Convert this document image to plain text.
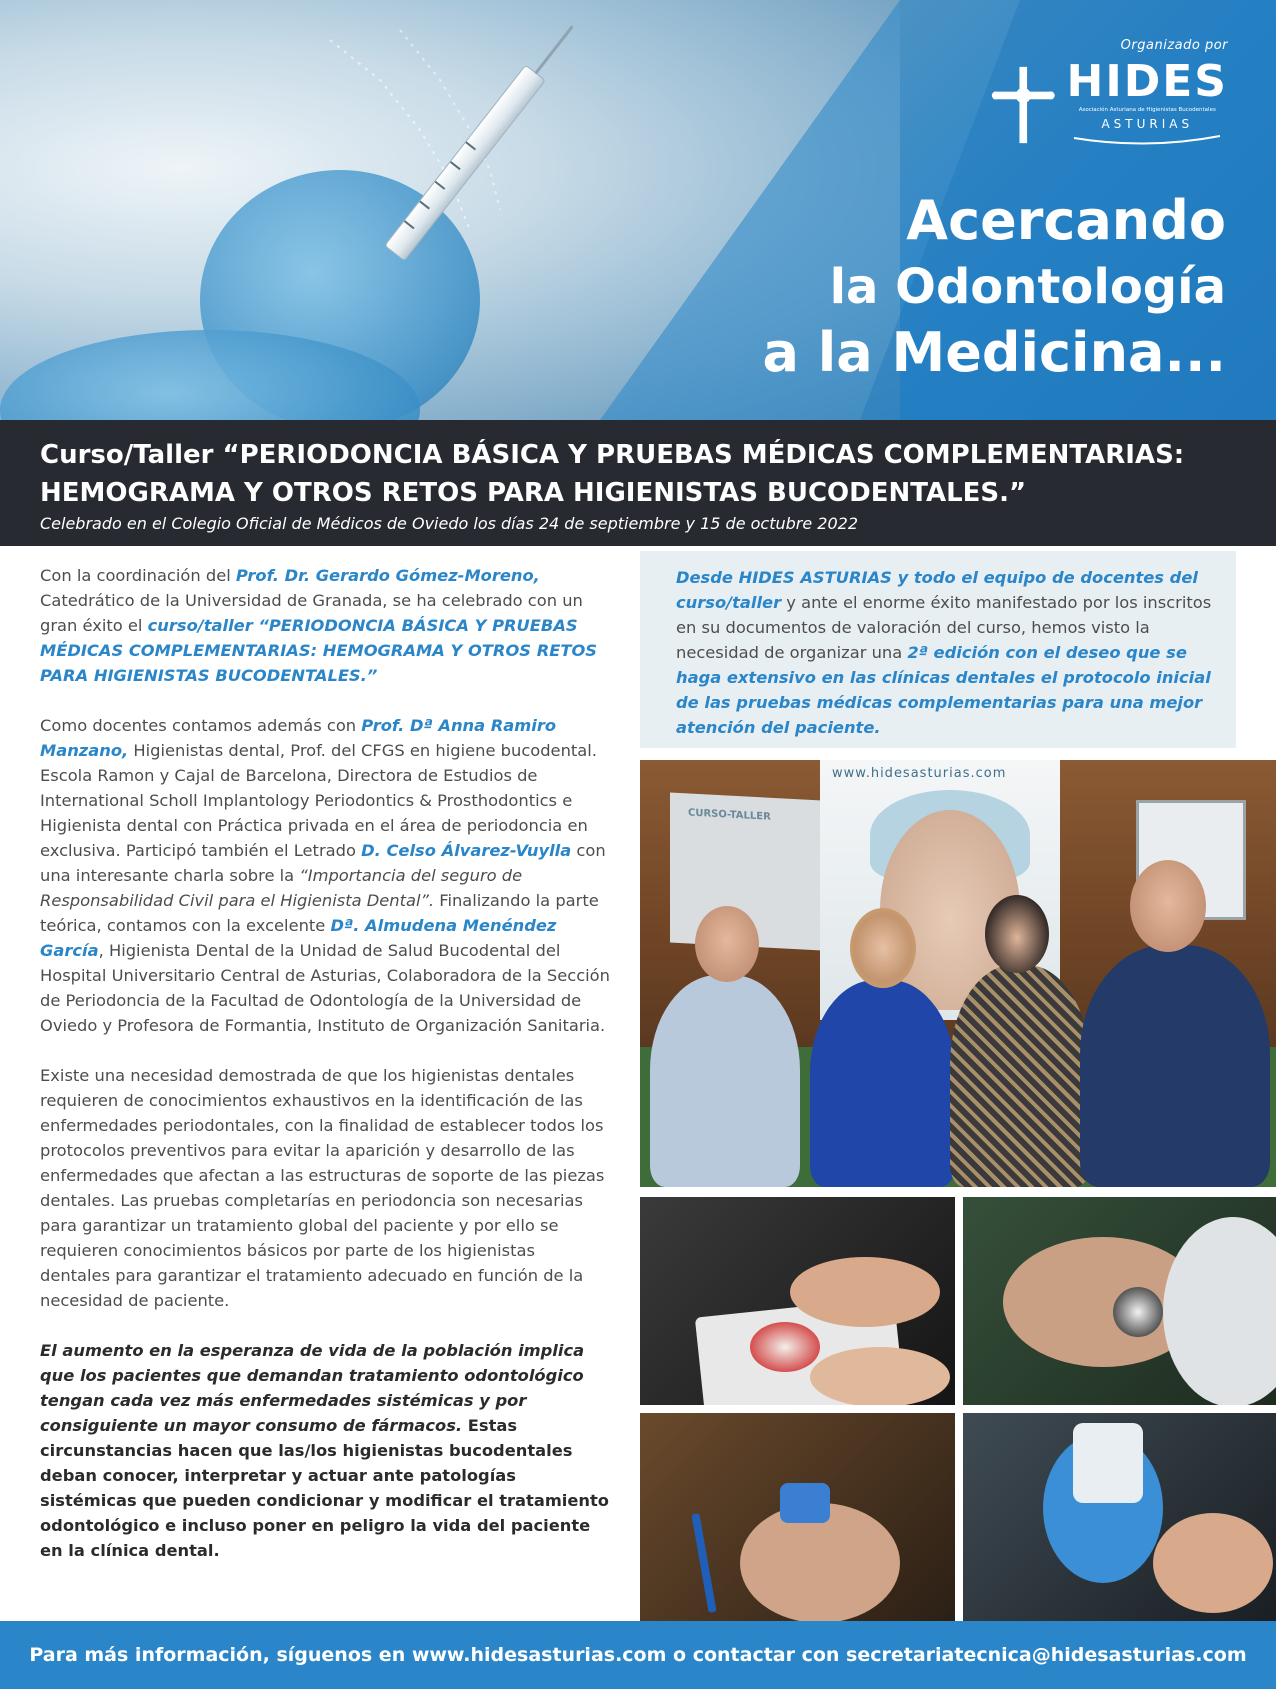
Organizado por
HIDES
Asociación Asturiana de Higienistas Bucodentales
ASTURIAS
Acercando
la Odontología
a la Medicina...
Curso/Taller “PERIODONCIA BÁSICA Y PRUEBAS MÉDICAS COMPLEMENTARIAS:
HEMOGRAMA Y OTROS RETOS PARA HIGIENISTAS BUCODENTALES.”
Celebrado en el Colegio Oficial de Médicos de Oviedo los días 24 de septiembre y 15 de octubre 2022

Con la coordinación del Prof. Dr. Gerardo Gómez-Moreno, Catedrático de la Universidad de Granada, se ha celebrado con un gran éxito el curso/taller “PERIODONCIA BÁSICA Y PRUEBAS MÉDICAS COMPLEMENTARIAS: HEMOGRAMA Y OTROS RETOS PARA HIGIENISTAS BUCODENTALES.”

Como docentes contamos además con Prof. Dª Anna Ramiro Manzano, Higienistas dental, Prof. del CFGS en higiene bucodental. Escola Ramon y Cajal de Barcelona, Directora de Estudios de International Scholl Implantology Periodontics & Prosthodontics e Higienista dental con Práctica privada en el área de periodoncia en exclusiva. Participó también el Letrado D. Celso Álvarez-Vuylla con una interesante charla sobre la “Importancia del seguro de Responsabilidad Civil para el Higienista Dental”. Finalizando la parte teórica, contamos con la excelente Dª. Almudena Menéndez García, Higienista Dental de la Unidad de Salud Bucodental del Hospital Universitario Central de Asturias, Colaboradora de la Sección de Periodoncia de la Facultad de Odontología de la Universidad de Oviedo y Profesora de Formantia, Instituto de Organización Sanitaria.

Existe una necesidad demostrada de que los higienistas dentales requieren de conocimientos exhaustivos en la identificación de las enfermedades periodontales, con la finalidad de establecer todos los protocolos preventivos para evitar la aparición y desarrollo de las enfermedades que afectan a las estructuras de soporte de las piezas dentales. Las pruebas completarías en periodoncia son necesarias para garantizar un tratamiento global del paciente y por ello se requieren conocimientos básicos por parte de los higienistas dentales para garantizar el tratamiento adecuado en función de la necesidad de paciente.

El aumento en la esperanza de vida de la población implica que los pacientes que demandan tratamiento odontológico tengan cada vez más enfermedades sistémicas y por consiguiente un mayor consumo de fármacos. Estas circunstancias hacen que las/los higienistas bucodentales deban conocer, interpretar y actuar ante patologías sistémicas que pueden condicionar y modificar el tratamiento odontológico e incluso poner en peligro la vida del paciente en la clínica dental.

Desde HIDES ASTURIAS y todo el equipo de docentes del curso/taller y ante el enorme éxito manifestado por los inscritos en su documentos de valoración del curso, hemos visto la necesidad de organizar una 2ª edición con el deseo que se haga extensivo en las clínicas dentales el protocolo inicial de las pruebas médicas complementarias para una mejor atención del paciente.
CURSO-TALLER
www.hidesasturias.com
Para más información, síguenos en www.hidesasturias.com o contactar con secretariatecnica@hidesasturias.com
